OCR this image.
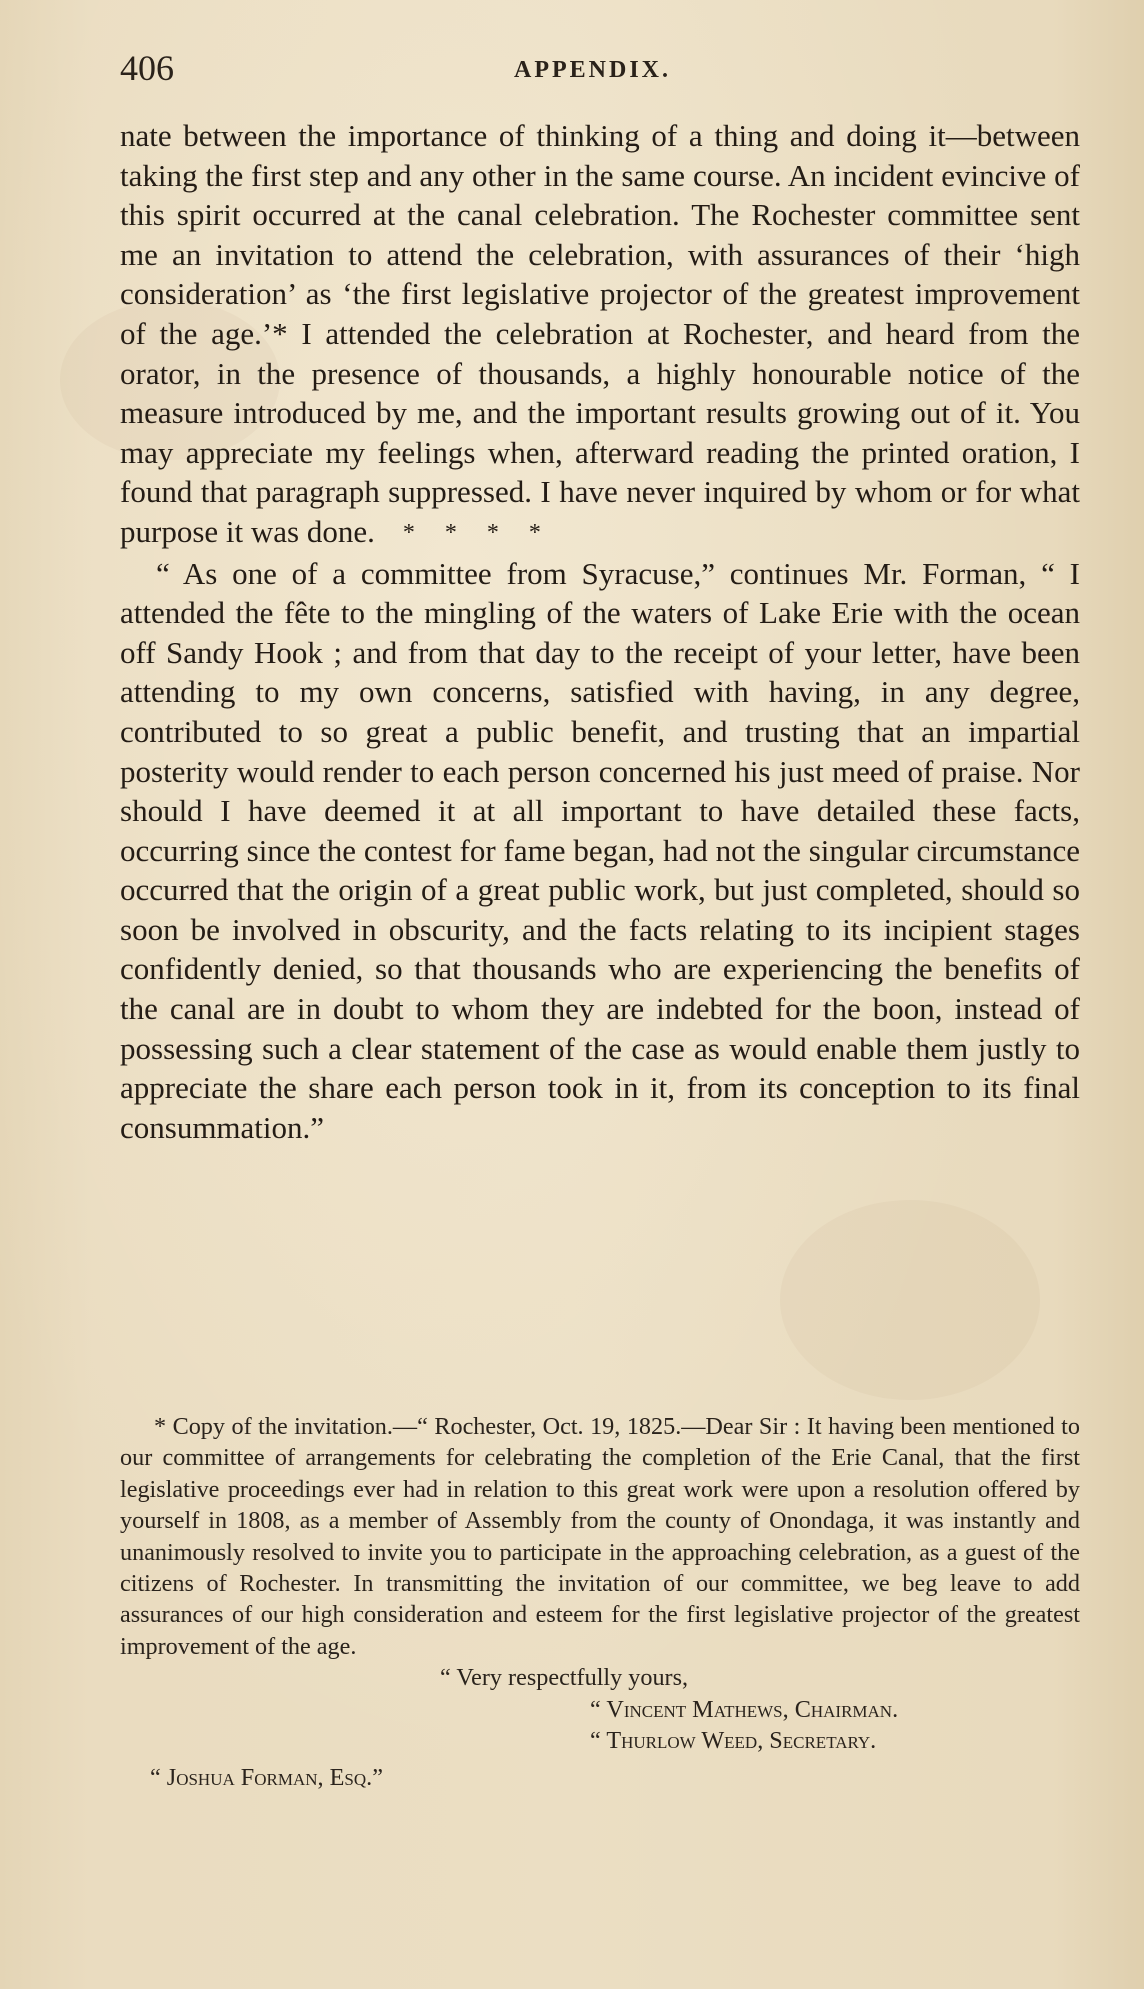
406	APPENDIX.

nate between the importance of thinking of a thing and doing it—between taking the first step and any other in the same course. An incident evincive of this spirit occurred at the canal celebration. The Rochester committee sent me an invitation to attend the celebration, with assurances of their ‘high consideration’ as ‘the first legislative projector of the greatest improvement of the age.’* I attended the celebration at Rochester, and heard from the orator, in the presence of thousands, a highly honourable notice of the measure introduced by me, and the important results growing out of it. You may appreciate my feelings when, afterward reading the printed oration, I found that paragraph suppressed. I have never inquired by whom or for what purpose it was done. * * * *

“ As one of a committee from Syracuse,” continues Mr. Forman, “ I attended the fête to the mingling of the waters of Lake Erie with the ocean off Sandy Hook ; and from that day to the receipt of your letter, have been attending to my own concerns, satisfied with having, in any degree, contributed to so great a public benefit, and trusting that an impartial posterity would render to each person concerned his just meed of praise. Nor should I have deemed it at all important to have detailed these facts, occurring since the contest for fame began, had not the singular circumstance occurred that the origin of a great public work, but just completed, should so soon be involved in obscurity, and the facts relating to its incipient stages confidently denied, so that thousands who are experiencing the benefits of the canal are in doubt to whom they are indebted for the boon, instead of possessing such a clear statement of the case as would enable them justly to appreciate the share each person took in it, from its conception to its final consummation.”

* Copy of the invitation.—“ Rochester, Oct. 19, 1825.—Dear Sir : It having been mentioned to our committee of arrangements for celebrating the completion of the Erie Canal, that the first legislative proceedings ever had in relation to this great work were upon a resolution offered by yourself in 1808, as a member of Assembly from the county of Onondaga, it was instantly and unanimously resolved to invite you to participate in the approaching celebration, as a guest of the citizens of Rochester. In transmitting the invitation of our committee, we beg leave to add assurances of our high consideration and esteem for the first legislative projector of the greatest improvement of the age.

“ Very respectfully yours,

“ Vincent Mathews, Chairman.

“ Thurlow Weed, Secretary.

“ Joshua Forman, Esq.”
